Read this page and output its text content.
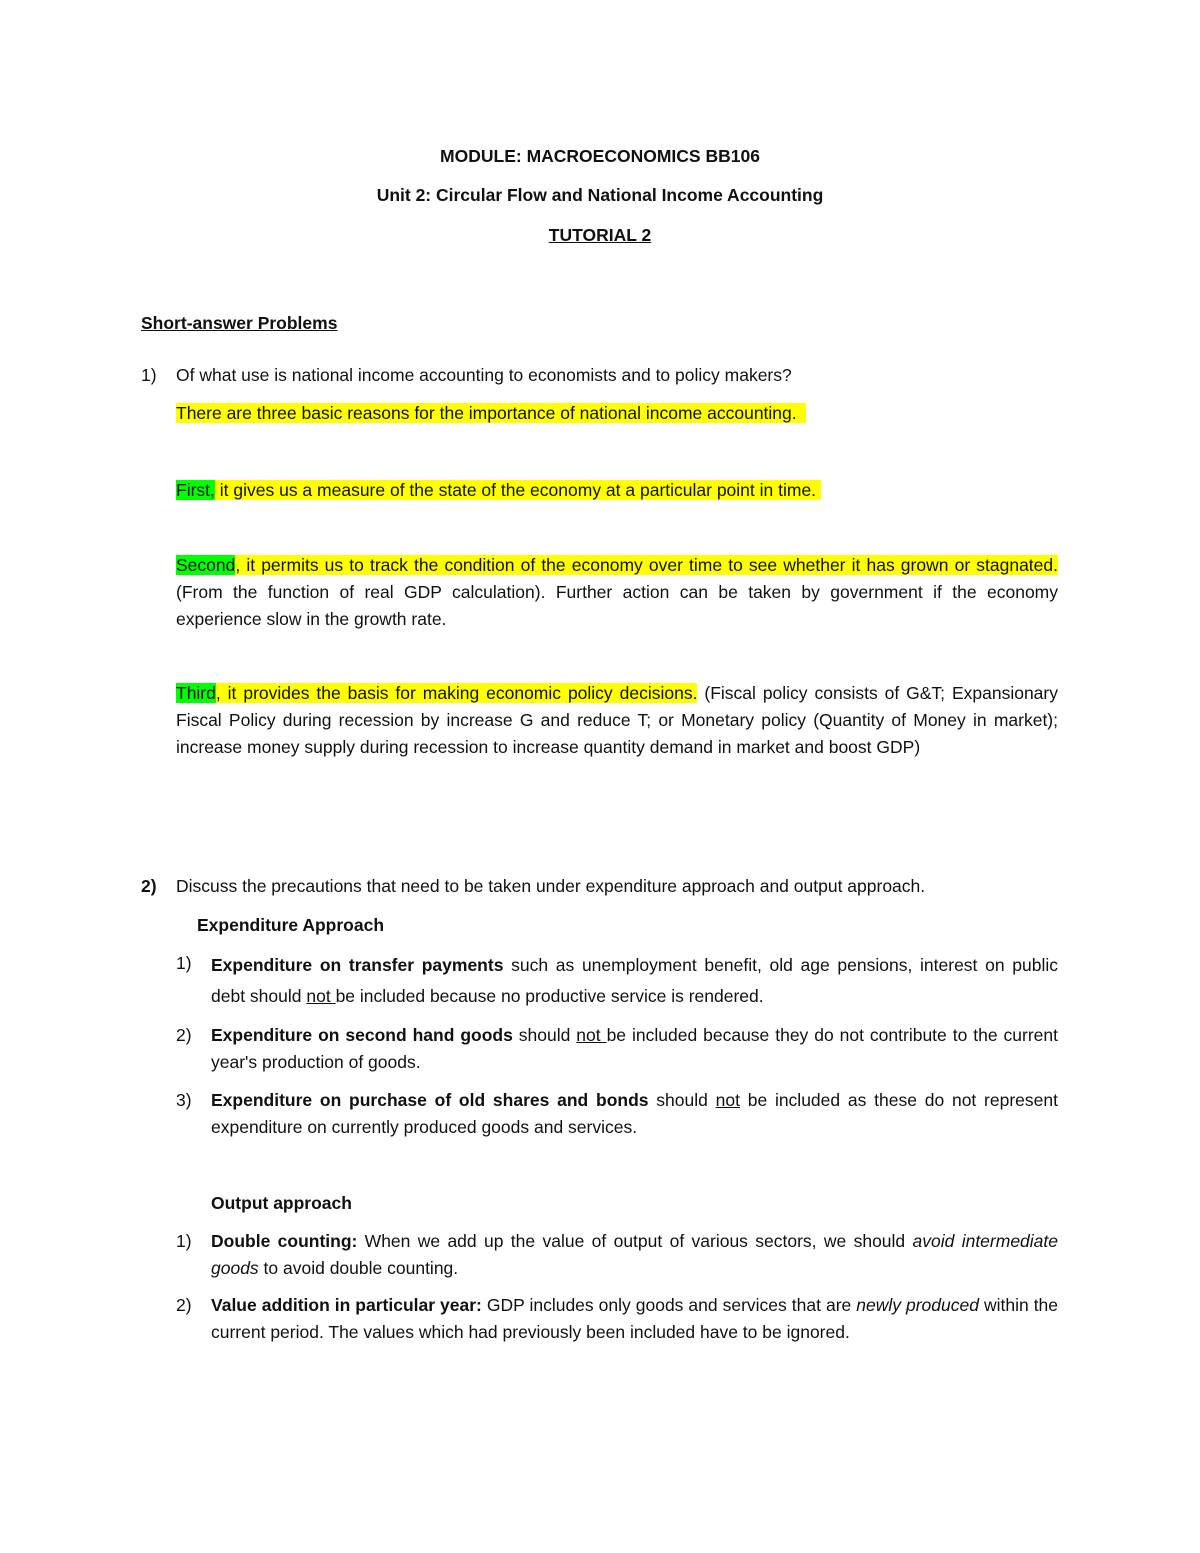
MODULE: MACROECONOMICS BB106
Unit 2: Circular Flow and National Income Accounting
TUTORIAL 2
Short-answer Problems
1) Of what use is national income accounting to economists and to policy makers?
There are three basic reasons for the importance of national income accounting.
First, it gives us a measure of the state of the economy at a particular point in time.
Second, it permits us to track the condition of the economy over time to see whether it has grown or stagnated. (From the function of real GDP calculation). Further action can be taken by government if the economy experience slow in the growth rate.
Third, it provides the basis for making economic policy decisions. (Fiscal policy consists of G&T; Expansionary Fiscal Policy during recession by increase G and reduce T; or Monetary policy (Quantity of Money in market); increase money supply during recession to increase quantity demand in market and boost GDP)
2) Discuss the precautions that need to be taken under expenditure approach and output approach.
Expenditure Approach
1) Expenditure on transfer payments such as unemployment benefit, old age pensions, interest on public debt should not be included because no productive service is rendered.
2) Expenditure on second hand goods should not be included because they do not contribute to the current year's production of goods.
3) Expenditure on purchase of old shares and bonds should not be included as these do not represent expenditure on currently produced goods and services.
Output approach
1) Double counting: When we add up the value of output of various sectors, we should avoid intermediate goods to avoid double counting.
2) Value addition in particular year: GDP includes only goods and services that are newly produced within the current period. The values which had previously been included have to be ignored.
